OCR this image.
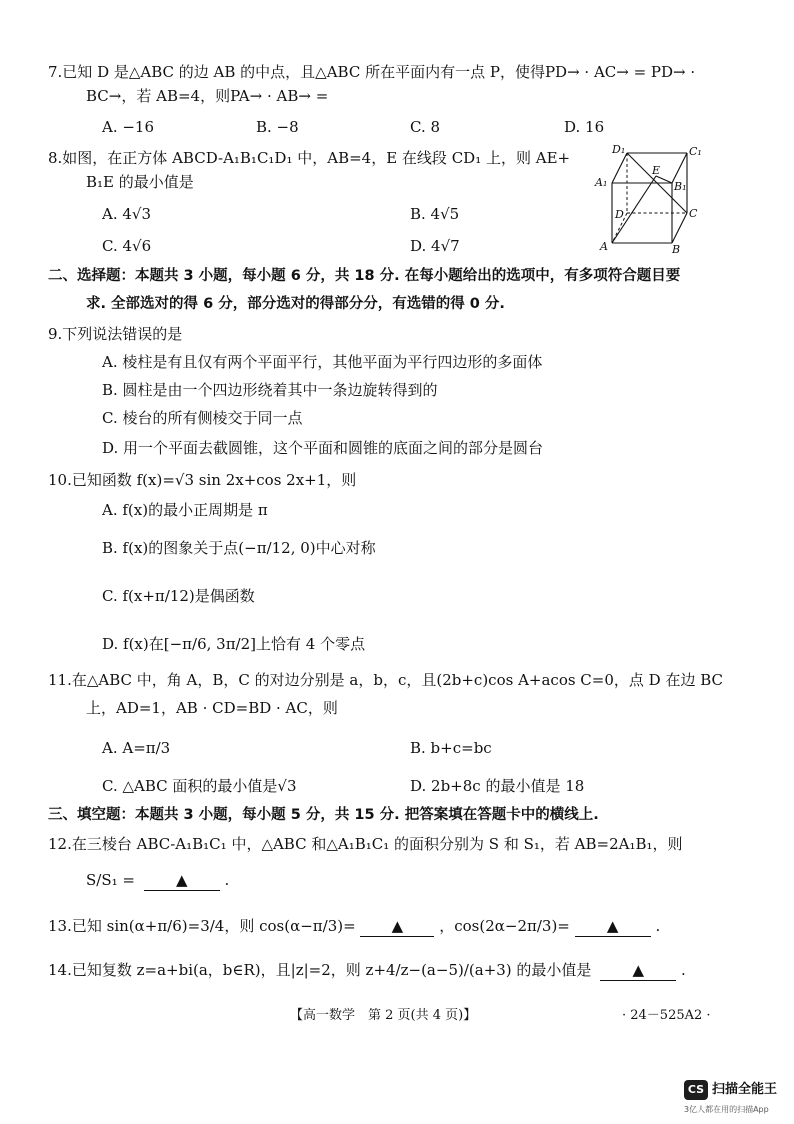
7.已知 D 是△ABC 的边 AB 的中点，且△ABC 所在平面内有一点 P，使得PD→ · AC→ = PD→ ·
BC→，若 AB=4，则PA→ · AB→ =
A. −16	B. −8	C. 8	D. 16
8.如图，在正方体 ABCD-A₁B₁C₁D₁ 中，AB=4，E 在线段 CD₁ 上，则 AE+
B₁E 的最小值是
A. 4√3	B. 4√5
C. 4√6	D. 4√7
D₁	C₁
A₁	B₁
E
D	C
A	B
二、选择题：本题共 3 小题，每小题 6 分，共 18 分. 在每小题给出的选项中，有多项符合题目要
求. 全部选对的得 6 分，部分选对的得部分分，有选错的得 0 分.
9.下列说法错误的是
A. 棱柱是有且仅有两个平面平行，其他平面为平行四边形的多面体
B. 圆柱是由一个四边形绕着其中一条边旋转得到的
C. 棱台的所有侧棱交于同一点
D. 用一个平面去截圆锥，这个平面和圆锥的底面之间的部分是圆台
10.已知函数 f(x)=√3 sin 2x+cos 2x+1，则
A. f(x)的最小正周期是 π
B. f(x)的图象关于点(−π/12, 0)中心对称
C. f(x+π/12)是偶函数
D. f(x)在[−π/6, 3π/2]上恰有 4 个零点
11.在△ABC 中，角 A，B，C 的对边分别是 a，b，c，且(2b+c)cos A+acos C=0，点 D 在边 BC
上，AD=1，AB · CD=BD · AC，则
A. A=π/3	B. b+c=bc
C. △ABC 面积的最小值是√3	D. 2b+8c 的最小值是 18
三、填空题：本题共 3 小题，每小题 5 分，共 15 分. 把答案填在答题卡中的横线上.
12.在三棱台 ABC-A₁B₁C₁ 中，△ABC 和△A₁B₁C₁ 的面积分别为 S 和 S₁，若 AB=2A₁B₁，则
S/S₁ =	▲ .
13.已知 sin(α+π/6)=3/4，则 cos(α−π/3)= ▲ ，cos(2α−2π/3)= ▲ .
14.已知复数 z=a+bi(a，b∈R)，且|z|=2，则 z+4/z−(a−5)/(a+3) 的最小值是	▲ .
【高一数学　第 2 页(共 4 页)】	· 24－525A2 ·
CS 扫描全能王
3亿人都在用的扫描App
